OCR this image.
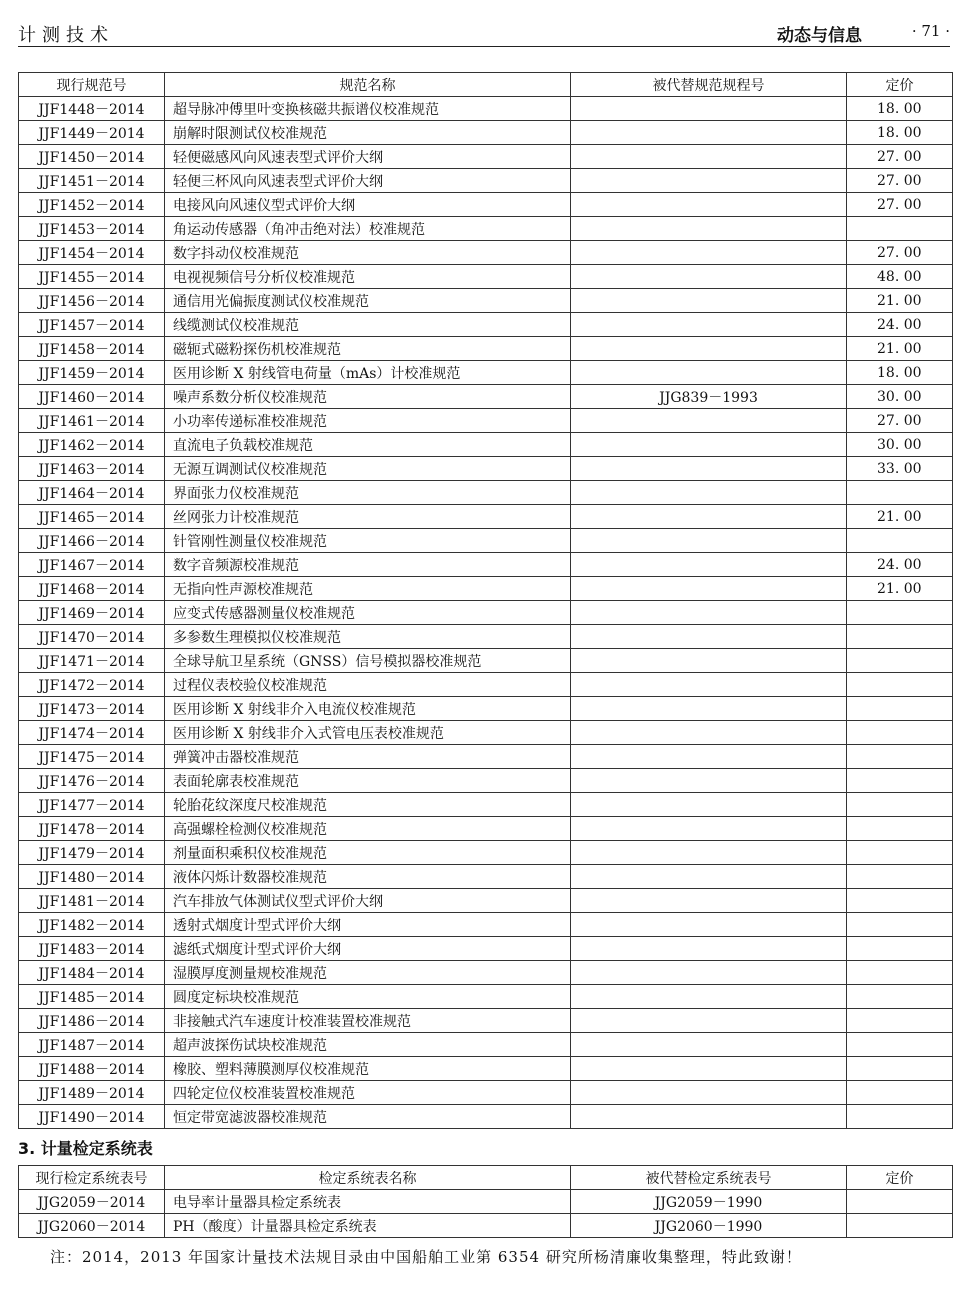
计测技术	动态与信息	· 71 ·
现行规范号	规范名称	被代替规范规程号	定价
JJF1448－2014	超导脉冲傅里叶变换核磁共振谱仪校准规范		18. 00
JJF1449－2014	崩解时限测试仪校准规范		18. 00
JJF1450－2014	轻便磁感风向风速表型式评价大纲		27. 00
JJF1451－2014	轻便三杯风向风速表型式评价大纲		27. 00
JJF1452－2014	电接风向风速仪型式评价大纲		27. 00
JJF1453－2014	角运动传感器（角冲击绝对法）校准规范		
JJF1454－2014	数字抖动仪校准规范		27. 00
JJF1455－2014	电视视频信号分析仪校准规范		48. 00
JJF1456－2014	通信用光偏振度测试仪校准规范		21. 00
JJF1457－2014	线缆测试仪校准规范		24. 00
JJF1458－2014	磁轭式磁粉探伤机校准规范		21. 00
JJF1459－2014	医用诊断 X 射线管电荷量（mAs）计校准规范		18. 00
JJF1460－2014	噪声系数分析仪校准规范	JJG839－1993	30. 00
JJF1461－2014	小功率传递标准校准规范		27. 00
JJF1462－2014	直流电子负载校准规范		30. 00
JJF1463－2014	无源互调测试仪校准规范		33. 00
JJF1464－2014	界面张力仪校准规范		
JJF1465－2014	丝网张力计校准规范		21. 00
JJF1466－2014	针管刚性测量仪校准规范		
JJF1467－2014	数字音频源校准规范		24. 00
JJF1468－2014	无指向性声源校准规范		21. 00
JJF1469－2014	应变式传感器测量仪校准规范		
JJF1470－2014	多参数生理模拟仪校准规范		
JJF1471－2014	全球导航卫星系统（GNSS）信号模拟器校准规范		
JJF1472－2014	过程仪表校验仪校准规范		
JJF1473－2014	医用诊断 X 射线非介入电流仪校准规范		
JJF1474－2014	医用诊断 X 射线非介入式管电压表校准规范		
JJF1475－2014	弹簧冲击器校准规范		
JJF1476－2014	表面轮廓表校准规范		
JJF1477－2014	轮胎花纹深度尺校准规范		
JJF1478－2014	高强螺栓检测仪校准规范		
JJF1479－2014	剂量面积乘积仪校准规范		
JJF1480－2014	液体闪烁计数器校准规范		
JJF1481－2014	汽车排放气体测试仪型式评价大纲		
JJF1482－2014	透射式烟度计型式评价大纲		
JJF1483－2014	滤纸式烟度计型式评价大纲		
JJF1484－2014	湿膜厚度测量规校准规范		
JJF1485－2014	圆度定标块校准规范		
JJF1486－2014	非接触式汽车速度计校准装置校准规范		
JJF1487－2014	超声波探伤试块校准规范		
JJF1488－2014	橡胶、塑料薄膜测厚仪校准规范		
JJF1489－2014	四轮定位仪校准装置校准规范		
JJF1490－2014	恒定带宽滤波器校准规范		
3. 计量检定系统表
现行检定系统表号	检定系统表名称	被代替检定系统表号	定价
JJG2059－2014	电导率计量器具检定系统表	JJG2059－1990	
JJG2060－2014	PH（酸度）计量器具检定系统表	JJG2060－1990	
注：2014，2013 年国家计量技术法规目录由中国船舶工业第 6354 研究所杨清廉收集整理，特此致谢！
